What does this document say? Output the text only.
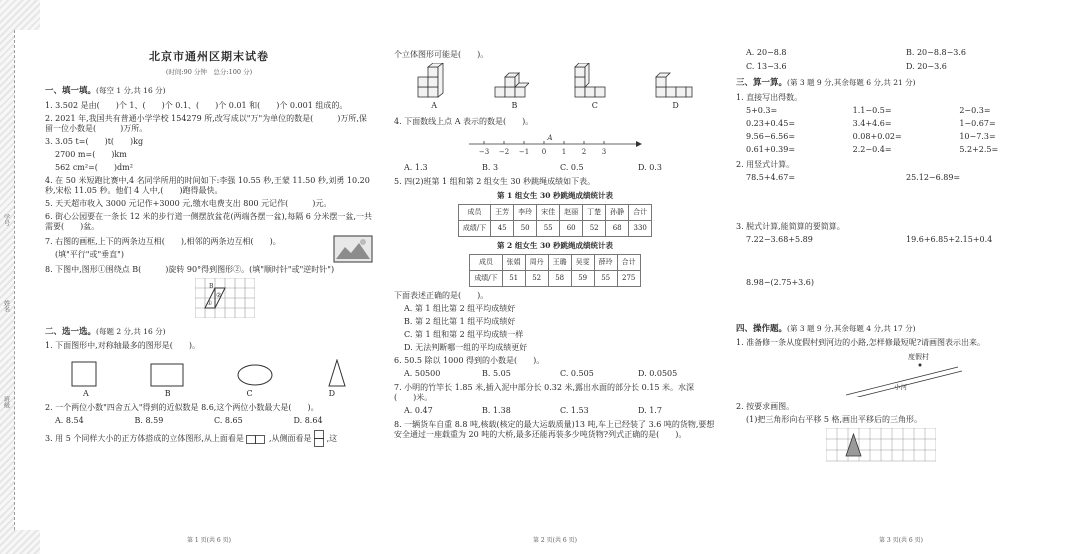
学号
姓名
班级
北京市通州区期末试卷
(时间:90 分钟　总分:100 分)
一、填一填。(每空 1 分,共 16 分)
1. 3.502 是由(　　)个 1、(　　)个 0.1、(　　)个 0.01 和(　　)个 0.001 组成的。
2. 2021 年,我国共有普通小学学校 154279 所,改写成以"万"为单位的数是(　　　)万所,保留一位小数是(　　　)万所。
3. 3.05 t=(　　)t(　　)kg
2700 m=(　　)km
562 cm²=(　　)dm²
4. 在 50 米短跑比赛中,4 名同学所用的时间如下:李强 10.55 秒,王蒙 11.50 秒,刘勇 10.20 秒,宋松 11.05 秒。他们 4 人中,(　　)跑得最快。
5. 天天超市收入 3000 元记作+3000 元,缴水电费支出 800 元记作(　　　)元。
6. 街心公园要在一条长 12 米的步行道一侧摆放盆花(两端各摆一盆),每隔 6 分米摆一盆,一共需要(　　)盆。
7. 右图的画框,上下的两条边互相(　　),相邻的两条边互相(　　)。
(填"平行"或"垂直")
8. 下图中,图形①围绕点 B(　　　)旋转 90°得到图形②。(填"顺时针"或"逆时针")
B
①
②
二、选一选。(每题 2 分,共 16 分)
1. 下面图形中,对称轴最多的图形是(　　)。
A	B	C	D
2. 一个两位小数"四舍五入"得到的近似数是 8.6,这个两位小数最大是(　　)。
A. 8.54	B. 8.59	C. 8.65	D. 8.64
3. 用 5 个同样大小的正方体搭成的立体图形,从上面看是	,从侧面看是 ,这
第 1 页(共 6 页)
个立体图形可能是(　　)。
A	B	C	D
4. 下面数线上点 A 表示的数是(　　)。
−3 −2 −1 0 1 2 3
A
A. 1.3	B. 3	C. 0.5	D. 0.3
5. 四(2)班第 1 组和第 2 组女生 30 秒跳绳成绩如下表。
第 1 组女生 30 秒跳绳成绩统计表
成员	王芳	李玲	宋佳	赵丽	丁楚	孙静	合计
成绩/下	45	50	55	60	52	68	330
第 2 组女生 30 秒跳绳成绩统计表
成员	张娟	周丹	王璐	吴雯	薛玲	合计
成绩/下	51	52	58	59	55	275
下面表述正确的是(　　)。
A. 第 1 组比第 2 组平均成绩好
B. 第 2 组比第 1 组平均成绩好
C. 第 1 组和第 2 组平均成绩一样
D. 无法判断哪一组的平均成绩更好
6. 50.5 除以 1000 得到的小数是(　　)。
A. 50500	B. 5.05	C. 0.505	D. 0.0505
7. 小明的竹竿长 1.85 米,插入泥中部分长 0.32 米,露出水面的部分长 0.15 米。水深(　　)米。
A. 0.47	B. 1.38	C. 1.53	D. 1.7
8. 一辆货车自重 8.8 吨,核载(核定的最大运载质量)13 吨,车上已经装了 3.6 吨的货物,要想安全通过一座载重为 20 吨的大桥,最多还能再装多少吨货物?列式正确的是(　　)。
第 2 页(共 6 页)
A. 20−8.8	B. 20−8.8−3.6
C. 13−3.6	D. 20−3.6
三、算一算。(第 3 题 9 分,其余每题 6 分,共 21 分)
1. 直接写出得数。
5+0.3=	1.1−0.5=	2−0.3=
0.23+0.45=	3.4+4.6=	1−0.67=
9.56−6.56=	0.08+0.02=	10−7.3=
0.61+0.39=	2.2−0.4=	5.2+2.5=
2. 用竖式计算。
78.5+4.67=	25.12−6.89=
3. 脱式计算,能简算的要简算。
7.22−3.68+5.89	19.6+6.85+2.15+0.4
8.98−(2.75+3.6)
四、操作题。(第 3 题 9 分,其余每题 4 分,共 17 分)
1. 准备修一条从度假村到河边的小路,怎样修最短呢?请画图表示出来。
度假村
小河
2. 按要求画图。
(1)把三角形向右平移 5 格,画出平移后的三角形。
第 3 页(共 6 页)
